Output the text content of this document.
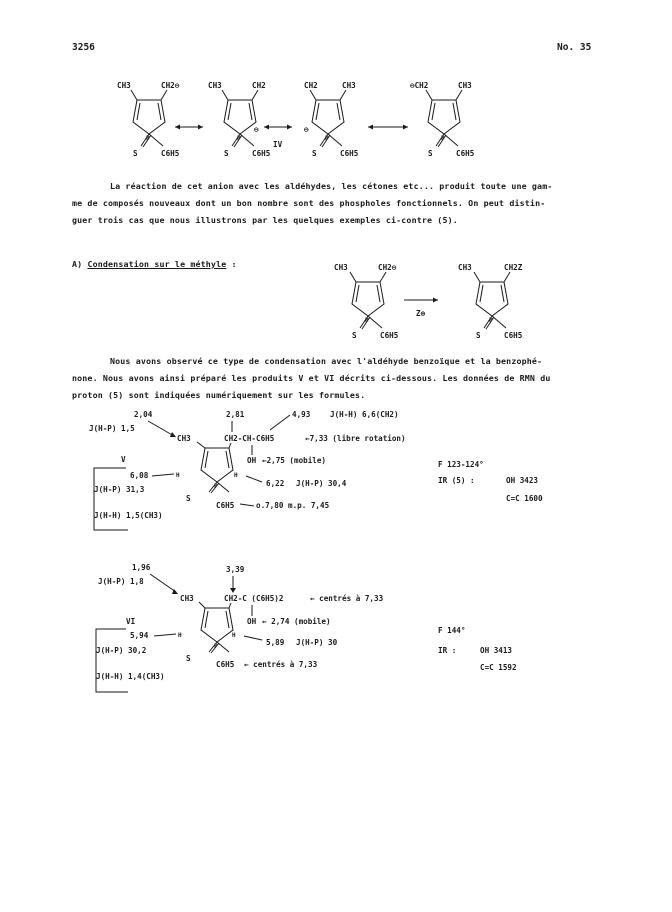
3256	No. 35
CH3	CH2⊖
P
S	C6H5
CH3	CH2
⊖
P
S	C6H5
IV
CH2	CH3
⊖
P
S	C6H5
⊖CH2	CH3
P
S	C6H5
La réaction de cet anion avec les aldéhydes, les cétones etc... produit toute une gam-
me de composés nouveaux dont un bon nombre sont des phospholes fonctionnels. On peut distin-
guer trois cas que nous illustrons par les quelques exemples ci-contre (5).
A) Condensation sur le méthyle :	CH3	CH2⊖
P
S	C6H5
Z⊕
CH3	CH2Z
P
S	C6H5
Nous avons observé ce type de condensation avec l'aldéhyde benzoïque et la benzophé-
none. Nous avons ainsi préparé les produits V et VI décrits ci-dessous. Les données de RMN du
proton (5) sont indiquées numériquement sur les formules.
2,04
J(H-P) 1,5
CH3
2,81	4,93	J(H-H) 6,6(CH2)
CH2-CH-C6H5	←7,33 (libre rotation)
OH ←2,75 (mobile)
V
P
H	H
6,08
J(H-P) 31,3
J(H-H) 1,5(CH3)
6,22 J(H-P) 30,4
S
C6H5	o.7,80 m.p. 7,45
F 123-124°
IR (5) :	OH 3423
C=C 1600
1,96
J(H-P) 1,8
CH3
3,39
CH2-C (C6H5)2	← centrés à 7,33
OH ← 2,74 (mobile)
VI
P
H	H
5,94
J(H-P) 30,2
J(H-H) 1,4(CH3)
5,89 J(H-P) 30
S
C6H5 ← centrés à 7,33
F 144°
IR :	OH 3413
C=C 1592
